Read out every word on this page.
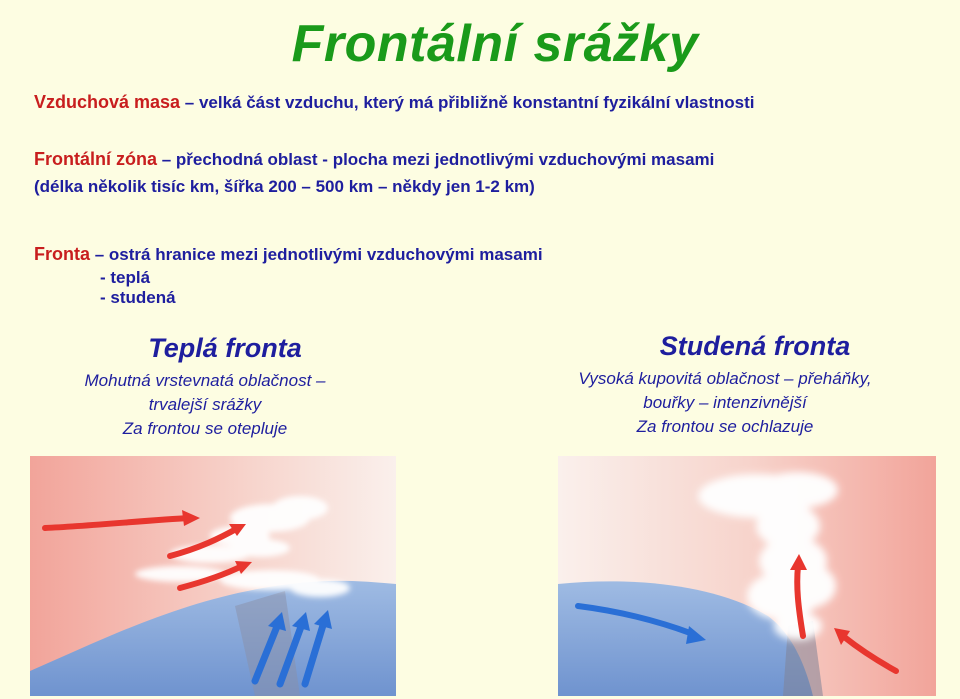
Frontální srážky
Vzduchová masa – velká část vzduchu, který má přibližně konstantní fyzikální vlastnosti
Frontální zóna – přechodná oblast - plocha mezi jednotlivými vzduchovými masami
(délka několik tisíc km, šířka 200 – 500 km – někdy jen 1-2 km)
Fronta – ostrá hranice mezi jednotlivými vzduchovými masami
- teplá
- studená
Teplá fronta
Mohutná vrstevnatá oblačnost –
trvalejší srážky
Za frontou se otepluje
Studená fronta
Vysoká kupovitá oblačnost – přeháňky,
bouřky – intenzivnější
Za frontou se ochlazuje
